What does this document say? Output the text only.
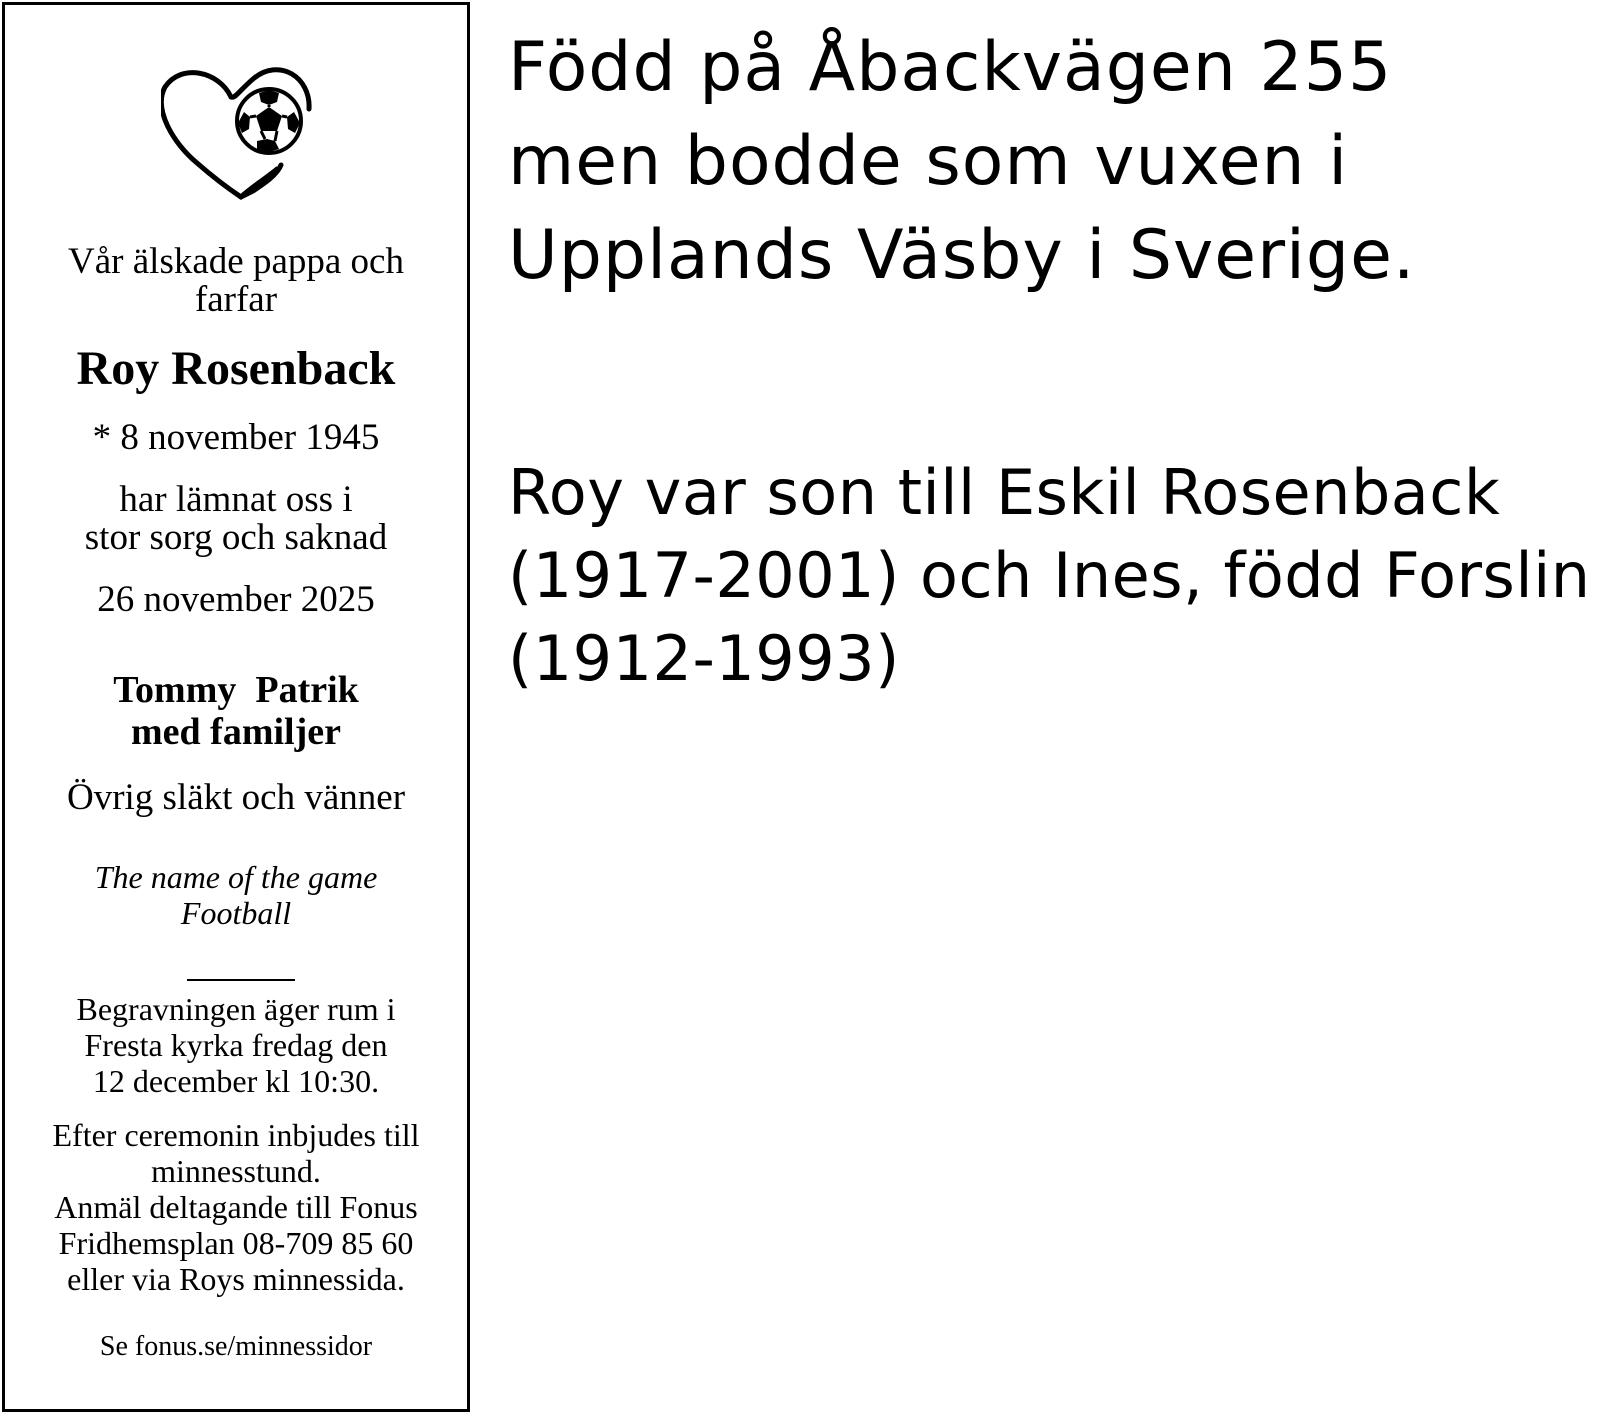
Vår älskade pappa och
farfar
Roy Rosenback
* 8 november 1945
har lämnat oss i
stor sorg och saknad
26 november 2025
Tommy  Patrik
med familjer
Övrig släkt och vänner
The name of the game
Football
Begravningen äger rum i
Fresta kyrka fredag den
12 december kl 10:30.
Efter ceremonin inbjudes till
minnesstund.
Anmäl deltagande till Fonus
Fridhemsplan 08-709 85 60
eller via Roys minnessida.
Se fonus.se/minnessidor
Född på Åbackvägen 255
men bodde som vuxen i
Upplands Väsby i Sverige.
Roy var son till Eskil Rosenback
(1917-2001) och Ines, född Forslin
(1912-1993)
